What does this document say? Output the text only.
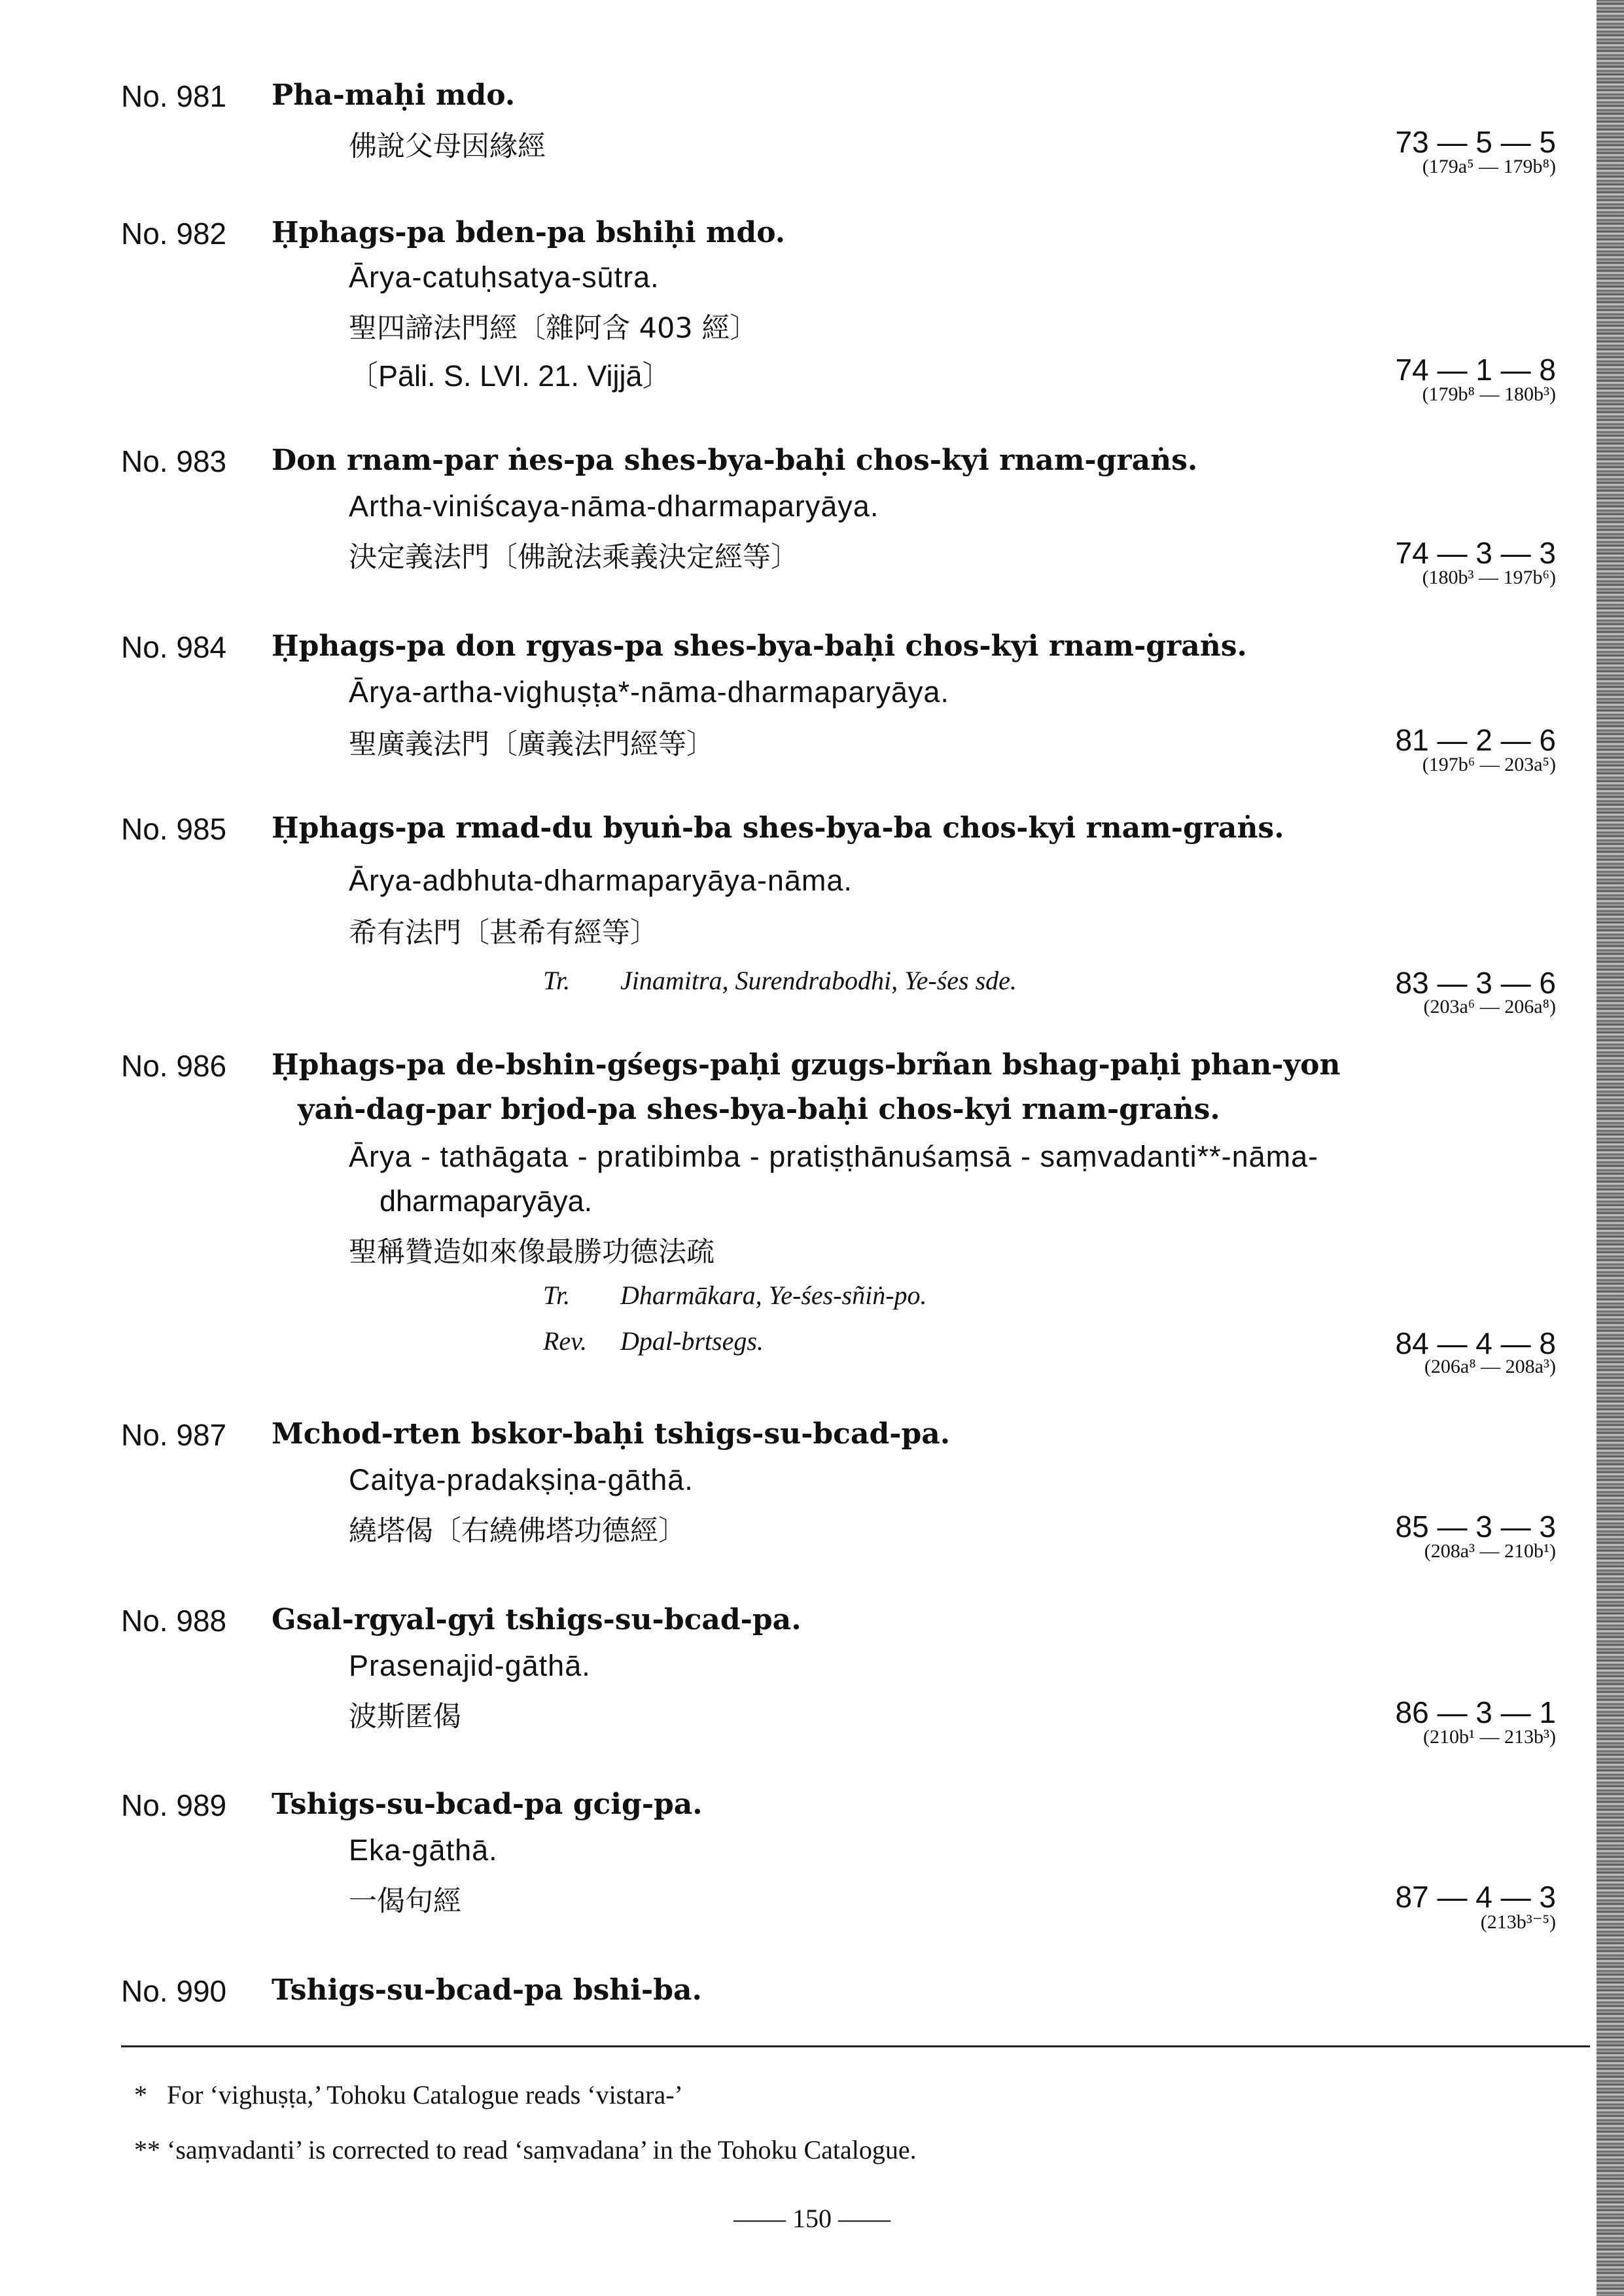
No. 981 Pha-maḥi mdo.
佛說父母因緣經	73 — 5 — 5
(179a⁵ — 179b⁸)
No. 982 Ḥphags-pa bden-pa bshiḥi mdo.
Ārya-catuḥsatya-sūtra.
聖四諦法門經〔雜阿含 403 經〕
〔Pāli. S. LVI. 21. Vijjā〕	74 — 1 — 8
(179b⁸ — 180b³)
No. 983 Don rnam-par ṅes-pa shes-bya-baḥi chos-kyi rnam-graṅs.
Artha-viniścaya-nāma-dharmaparyāya.
決定義法門〔佛說法乘義決定經等〕	74 — 3 — 3
(180b³ — 197b⁶)
No. 984 Ḥphags-pa don rgyas-pa shes-bya-baḥi chos-kyi rnam-graṅs.
Ārya-artha-vighuṣṭa*-nāma-dharmaparyāya.
聖廣義法門〔廣義法門經等〕	81 — 2 — 6
(197b⁶ — 203a⁵)
No. 985 Ḥphags-pa rmad-du byuṅ-ba shes-bya-ba chos-kyi rnam-graṅs.
Ārya-adbhuta-dharmaparyāya-nāma.
希有法門〔甚希有經等〕
Tr. Jinamitra, Surendrabodhi, Ye-śes sde.	83 — 3 — 6
(203a⁶ — 206a⁸)
No. 986 Ḥphags-pa de-bshin-gśegs-paḥi gzugs-brñan bshag-paḥi phan-yon
yaṅ-dag-par brjod-pa shes-bya-baḥi chos-kyi rnam-graṅs.
Ārya - tathāgata - pratibimba - pratiṣṭhānuśaṃsā - saṃvadanti**-nāma-
dharmaparyāya.
聖稱贊造如來像最勝功德法疏
Tr. Dharmākara, Ye-śes-sñiṅ-po.
Rev. Dpal-brtsegs.	84 — 4 — 8
(206a⁸ — 208a³)
No. 987 Mchod-rten bskor-baḥi tshigs-su-bcad-pa.
Caitya-pradakṣiṇa-gāthā.
繞塔偈〔右繞佛塔功德經〕	85 — 3 — 3
(208a³ — 210b¹)
No. 988 Gsal-rgyal-gyi tshigs-su-bcad-pa.
Prasenajid-gāthā.
波斯匿偈	86 — 3 — 1
(210b¹ — 213b³)
No. 989 Tshigs-su-bcad-pa gcig-pa.
Eka-gāthā.
一偈句經	87 — 4 — 3
(213b³⁻⁵)
No. 990 Tshigs-su-bcad-pa bshi-ba.
* For ‘vighuṣṭa,’ Tohoku Catalogue reads ‘vistara-’
** ‘saṃvadanti’ is corrected to read ‘saṃvadana’ in the Tohoku Catalogue.
—— 150 ——
